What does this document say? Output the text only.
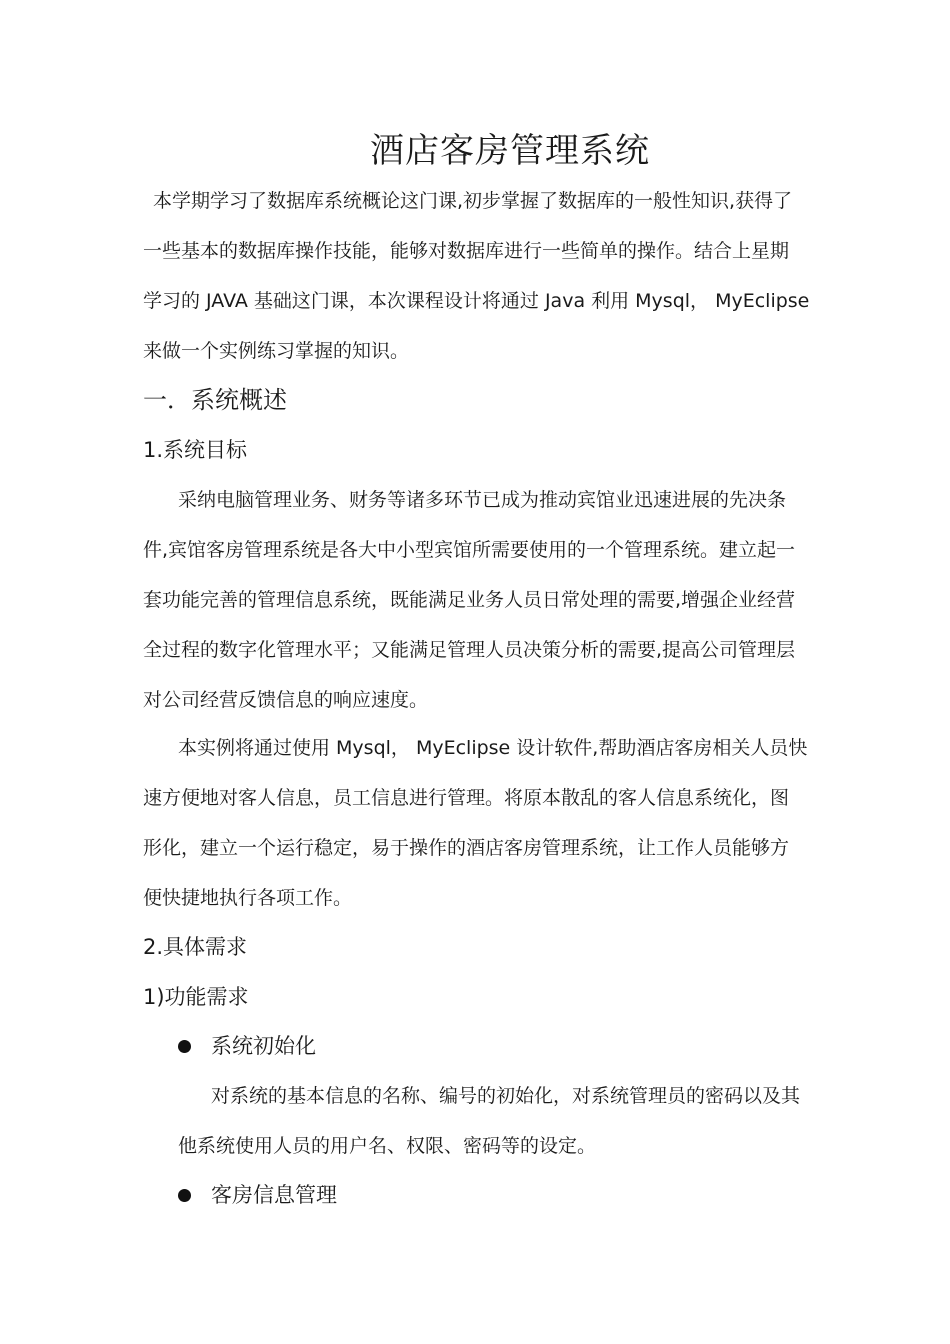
酒店客房管理系统
本学期学习了数据库系统概论这门课,初步掌握了数据库的一般性知识,获得了
一些基本的数据库操作技能，能够对数据库进行一些简单的操作。结合上星期
学习的 JAVA 基础这门课，本次课程设计将通过 Java 利用 Mysql， MyEclipse
来做一个实例练习掌握的知识。
一．系统概述
1.系统目标
采纳电脑管理业务、财务等诸多环节已成为推动宾馆业迅速进展的先决条
件,宾馆客房管理系统是各大中小型宾馆所需要使用的一个管理系统。建立起一
套功能完善的管理信息系统，既能满足业务人员日常处理的需要,增强企业经营
全过程的数字化管理水平；又能满足管理人员决策分析的需要,提高公司管理层
对公司经营反馈信息的响应速度。
本实例将通过使用 Mysql， MyEclipse 设计软件,帮助酒店客房相关人员快
速方便地对客人信息，员工信息进行管理。将原本散乱的客人信息系统化，图
形化，建立一个运行稳定，易于操作的酒店客房管理系统，让工作人员能够方
便快捷地执行各项工作。
2.具体需求
1)功能需求
系统初始化
对系统的基本信息的名称、编号的初始化，对系统管理员的密码以及其
他系统使用人员的用户名、权限、密码等的设定。
客房信息管理
